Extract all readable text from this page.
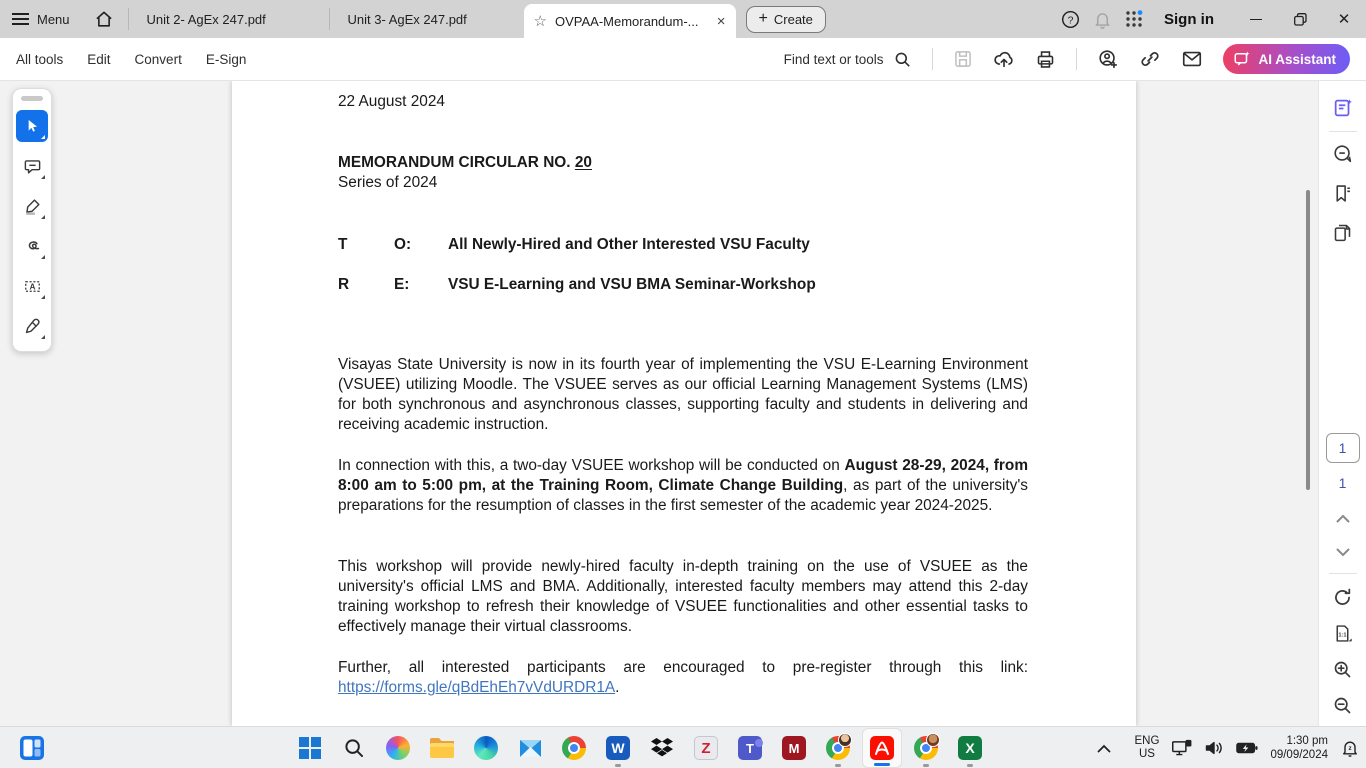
Menu	Unit 2- AgEx 247.pdf	Unit 3- AgEx 247.pdf	☆ OVPAA-Memorandum-... × + Create	?	Sign in	✕
All tools Edit Convert E-Sign	Find text or tools	AI Assistant
A
22 August 2024
MEMORANDUM CIRCULAR NO. 20
Series of 2024
T	O:	All Newly-Hired and Other Interested VSU Faculty
R	E:	VSU E-Learning and VSU BMA Seminar-Workshop
Visayas State University is now in its fourth year of implementing the VSU E-Learning Environment (VSUEE) utilizing Moodle. The VSUEE serves as our official Learning Management Systems (LMS) for both synchronous and asynchronous classes, supporting faculty and students in delivering and receiving academic instruction.
In connection with this, a two-day VSUEE workshop will be conducted on August 28-29, 2024, from 8:00 am to 5:00 pm, at the Training Room, Climate Change Building, as part of the university's preparations for the resumption of classes in the first semester of the academic year 2024-2025.
This workshop will provide newly-hired faculty in-depth training on the use of VSUEE as the university's official LMS and BMA. Additionally, interested faculty members may attend this 2-day training workshop to refresh their knowledge of VSUEE functionalities and other essential tasks to effectively manage their virtual classrooms.
Further, all interested participants are encouraged to pre-register through this link: https://forms.gle/qBdEhEh7vVdURDR1A.
1
1
1:1
W	Z	T	M	X	ENG
US
1:30 pm
09/09/2024
z
